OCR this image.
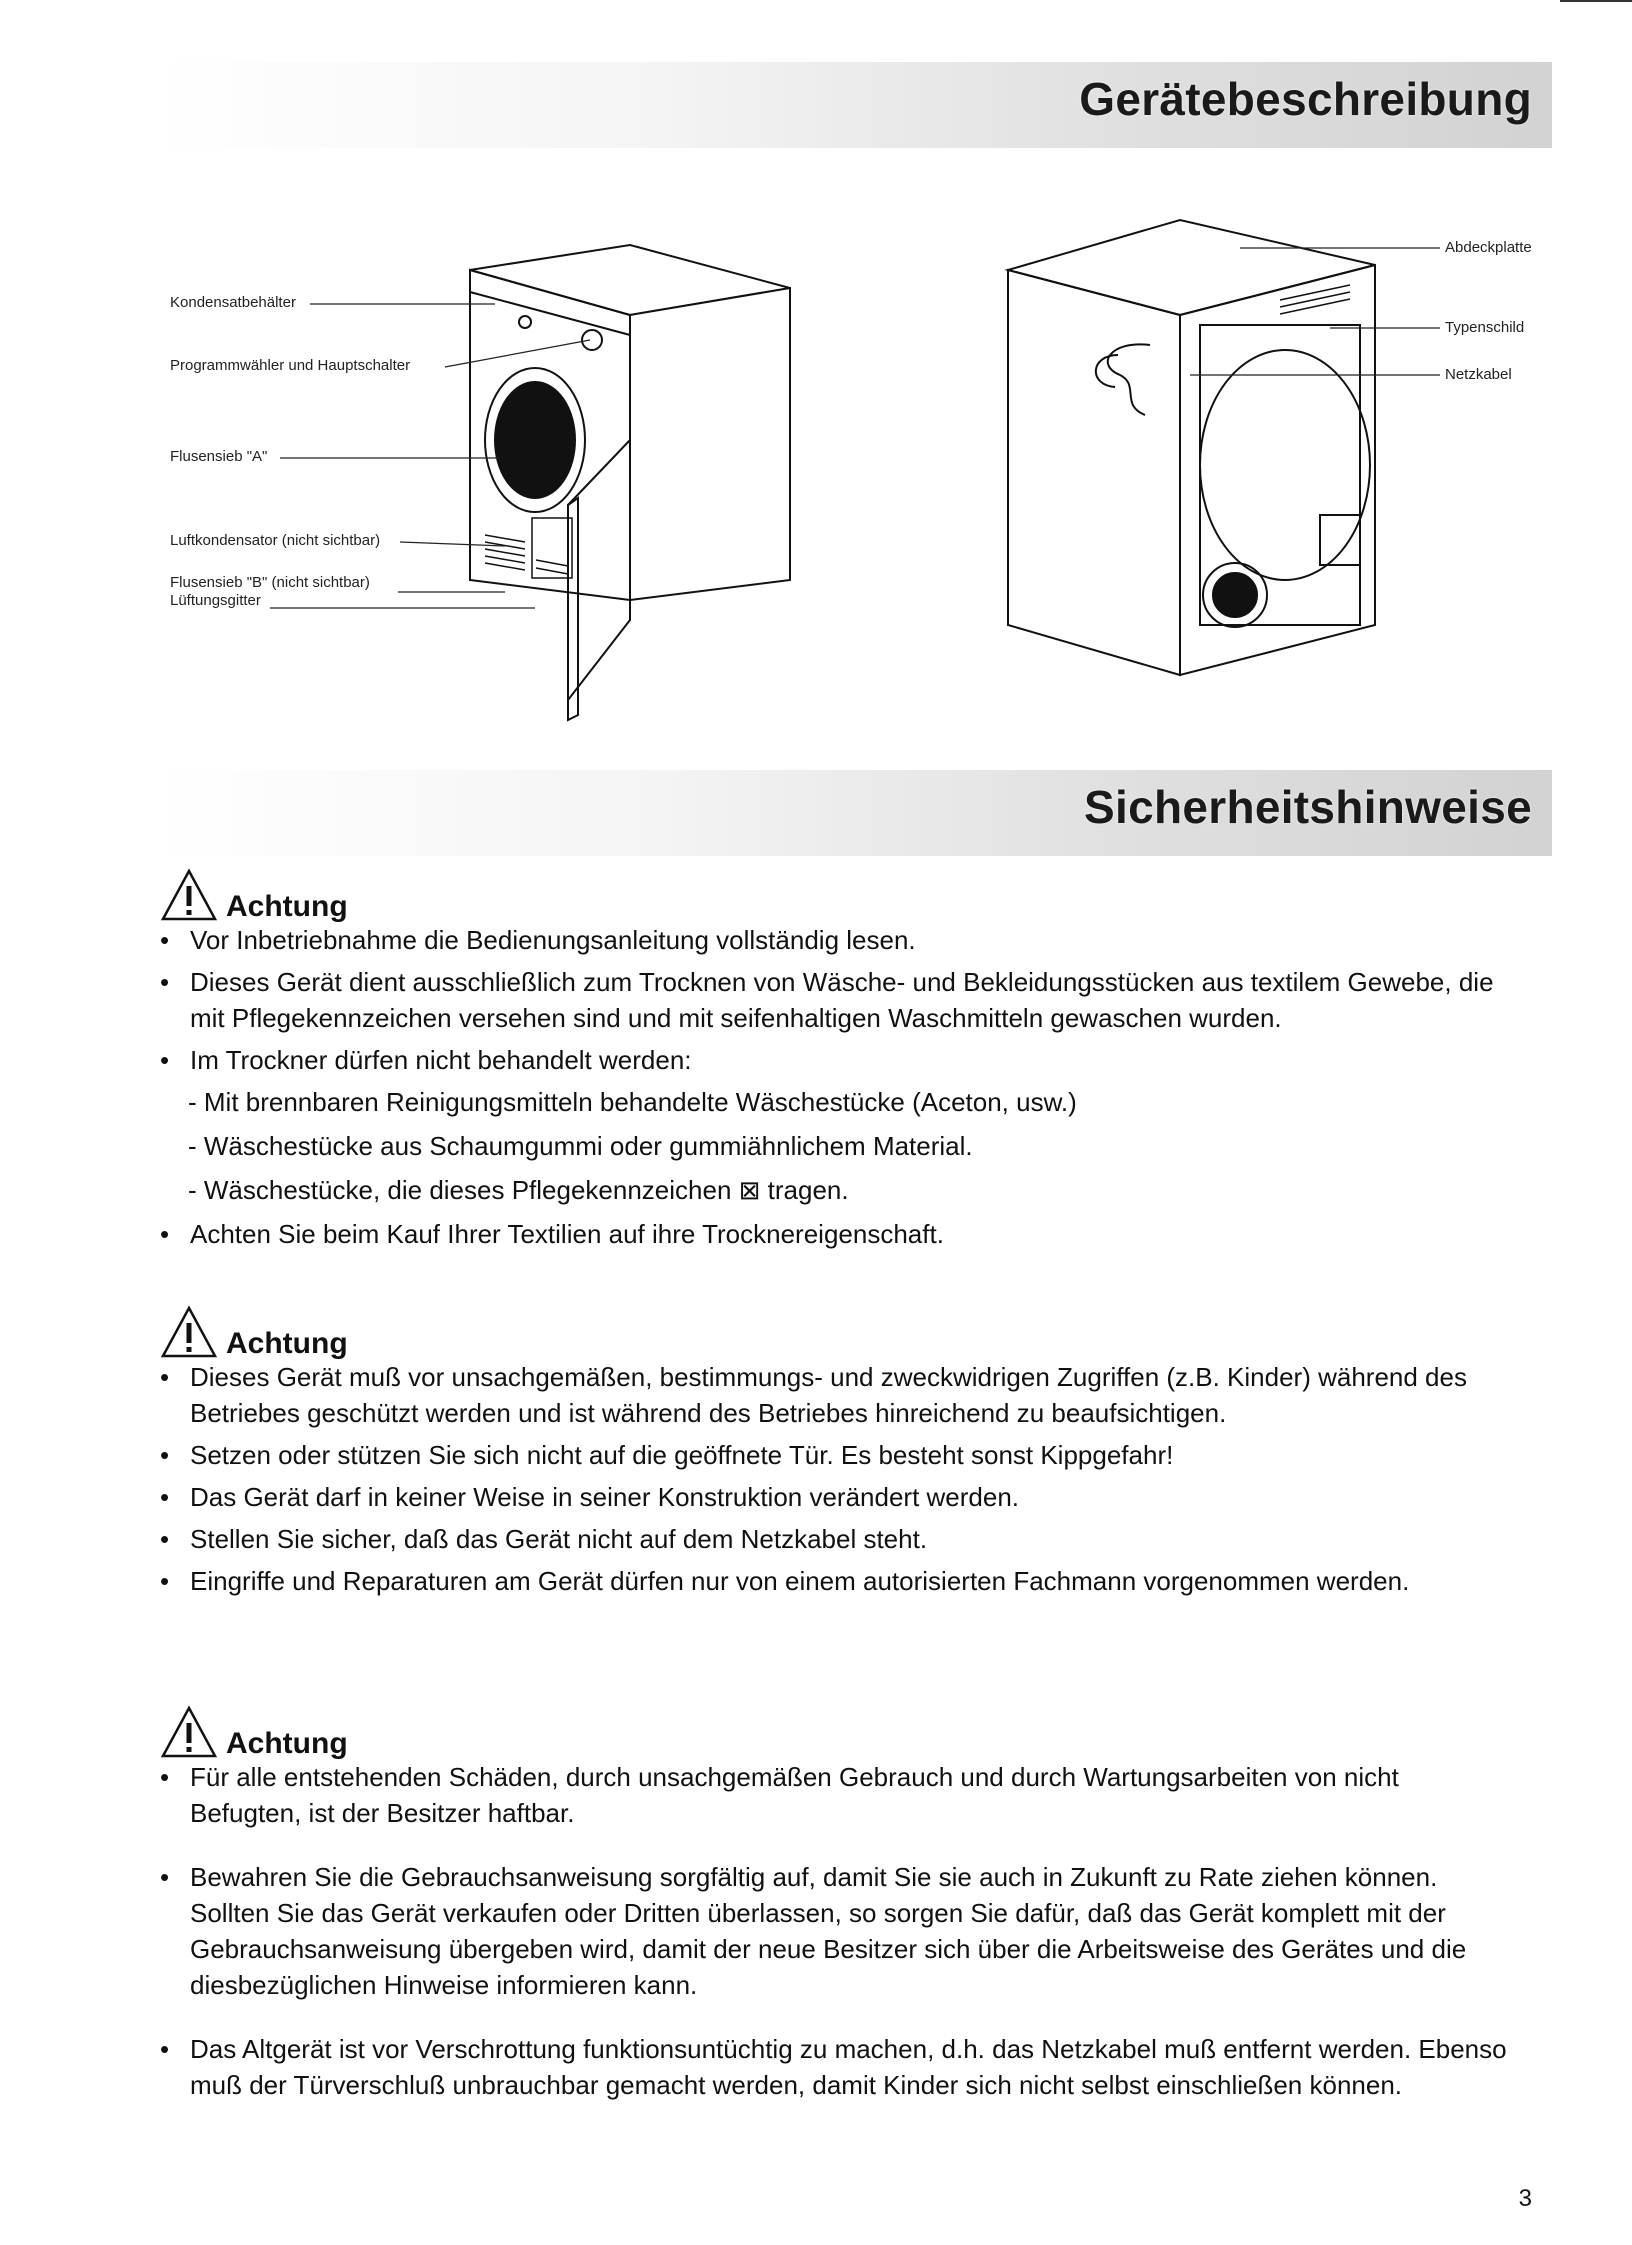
Gerätebeschreibung
Kondensatbehälter
Programmwähler und Hauptschalter
Flusensieb "A"
Luftkondensator (nicht sichtbar)
Flusensieb "B" (nicht sichtbar)
Lüftungsgitter
Abdeckplatte
Typenschild
Netzkabel
Sicherheitshinweise
Achtung
• Vor Inbetriebnahme die Bedienungsanleitung vollständig lesen.
• Dieses Gerät dient ausschließlich zum Trocknen von Wäsche- und Bekleidungsstücken aus textilem Gewebe, die mit Pflegekennzeichen versehen sind und mit seifenhaltigen Waschmitteln gewaschen wurden.
• Im Trockner dürfen nicht behandelt werden:
- Mit brennbaren Reinigungsmitteln behandelte Wäschestücke (Aceton, usw.)
- Wäschestücke aus Schaumgummi oder gummiähnlichem Material.
- Wäschestücke, die dieses Pflegekennzeichen ⊠ tragen.
• Achten Sie beim Kauf Ihrer Textilien auf ihre Trocknereigenschaft.
Achtung
• Dieses Gerät muß vor unsachgemäßen, bestimmungs- und zweckwidrigen Zugriffen (z.B. Kinder) während des Betriebes geschützt werden und ist während des Betriebes hinreichend zu beaufsichtigen.
• Setzen oder stützen Sie sich nicht auf die geöffnete Tür. Es besteht sonst Kippgefahr!
• Das Gerät darf in keiner Weise in seiner Konstruktion verändert werden.
• Stellen Sie sicher, daß das Gerät nicht auf dem Netzkabel steht.
• Eingriffe und Reparaturen am Gerät dürfen nur von einem autorisierten Fachmann vorgenommen werden.
Achtung
• Für alle entstehenden Schäden, durch unsachgemäßen Gebrauch und durch Wartungsarbeiten von nicht Befugten, ist der Besitzer haftbar.
• Bewahren Sie die Gebrauchsanweisung sorgfältig auf, damit Sie sie auch in Zukunft zu Rate ziehen können. Sollten Sie das Gerät verkaufen oder Dritten überlassen, so sorgen Sie dafür, daß das Gerät komplett mit der Gebrauchsanweisung übergeben wird, damit der neue Besitzer sich über die Arbeitsweise des Gerätes und die diesbezüglichen Hinweise informieren kann.
• Das Altgerät ist vor Verschrottung funktionsuntüchtig zu machen, d.h. das Netzkabel muß entfernt werden. Ebenso muß der Türverschluß unbrauchbar gemacht werden, damit Kinder sich nicht selbst einschließen können.
3
